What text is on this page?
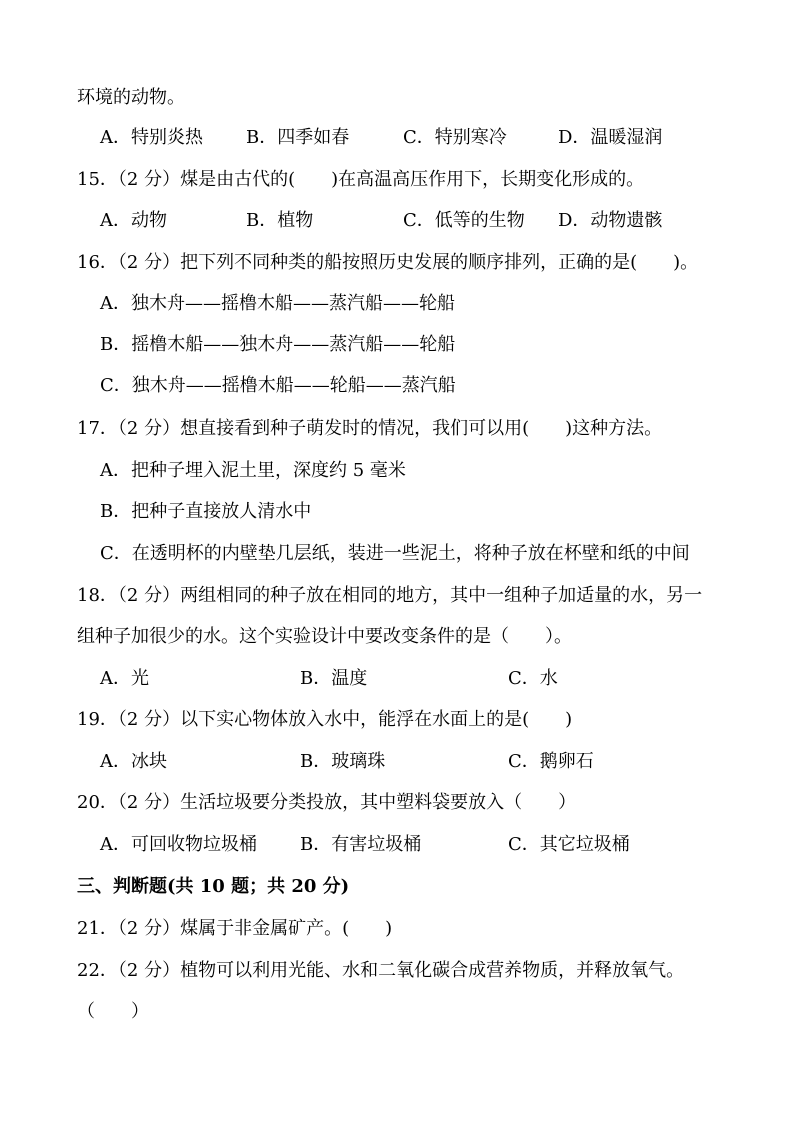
环境的动物。
A．特别炎热 B．四季如春	C．特别寒冷	D．温暖湿润
15．（2 分）煤是由古代的(　　)在高温高压作用下，长期变化形成的。
A．动物	B．植物	C．低等的生物 D．动物遗骸
16．（2 分）把下列不同种类的船按照历史发展的顺序排列，正确的是(　　)。
A．独木舟——摇橹木船——蒸汽船——轮船
B．摇橹木船——独木舟——蒸汽船——轮船
C．独木舟——摇橹木船——轮船——蒸汽船
17．（2 分）想直接看到种子萌发时的情况，我们可以用(　　)这种方法。
A．把种子埋入泥土里，深度约 5 毫米
B．把种子直接放人清水中
C．在透明杯的内壁垫几层纸，装进一些泥土，将种子放在杯壁和纸的中间
18．（2 分）两组相同的种子放在相同的地方，其中一组种子加适量的水，另一
组种子加很少的水。这个实验设计中要改变条件的是（　　）。
A．光	B．温度	C．水
19．（2 分）以下实心物体放入水中，能浮在水面上的是(　　)
A．冰块	B．玻璃珠	C．鹅卵石
20．（2 分）生活垃圾要分类投放，其中塑料袋要放入（　　）
A．可回收物垃圾桶 B．有害垃圾桶	C．其它垃圾桶
三、判断题(共 10 题；共 20 分)
21．（2 分）煤属于非金属矿产。(　　)
22．（2 分）植物可以利用光能、水和二氧化碳合成营养物质，并释放氧气。
（　　）
